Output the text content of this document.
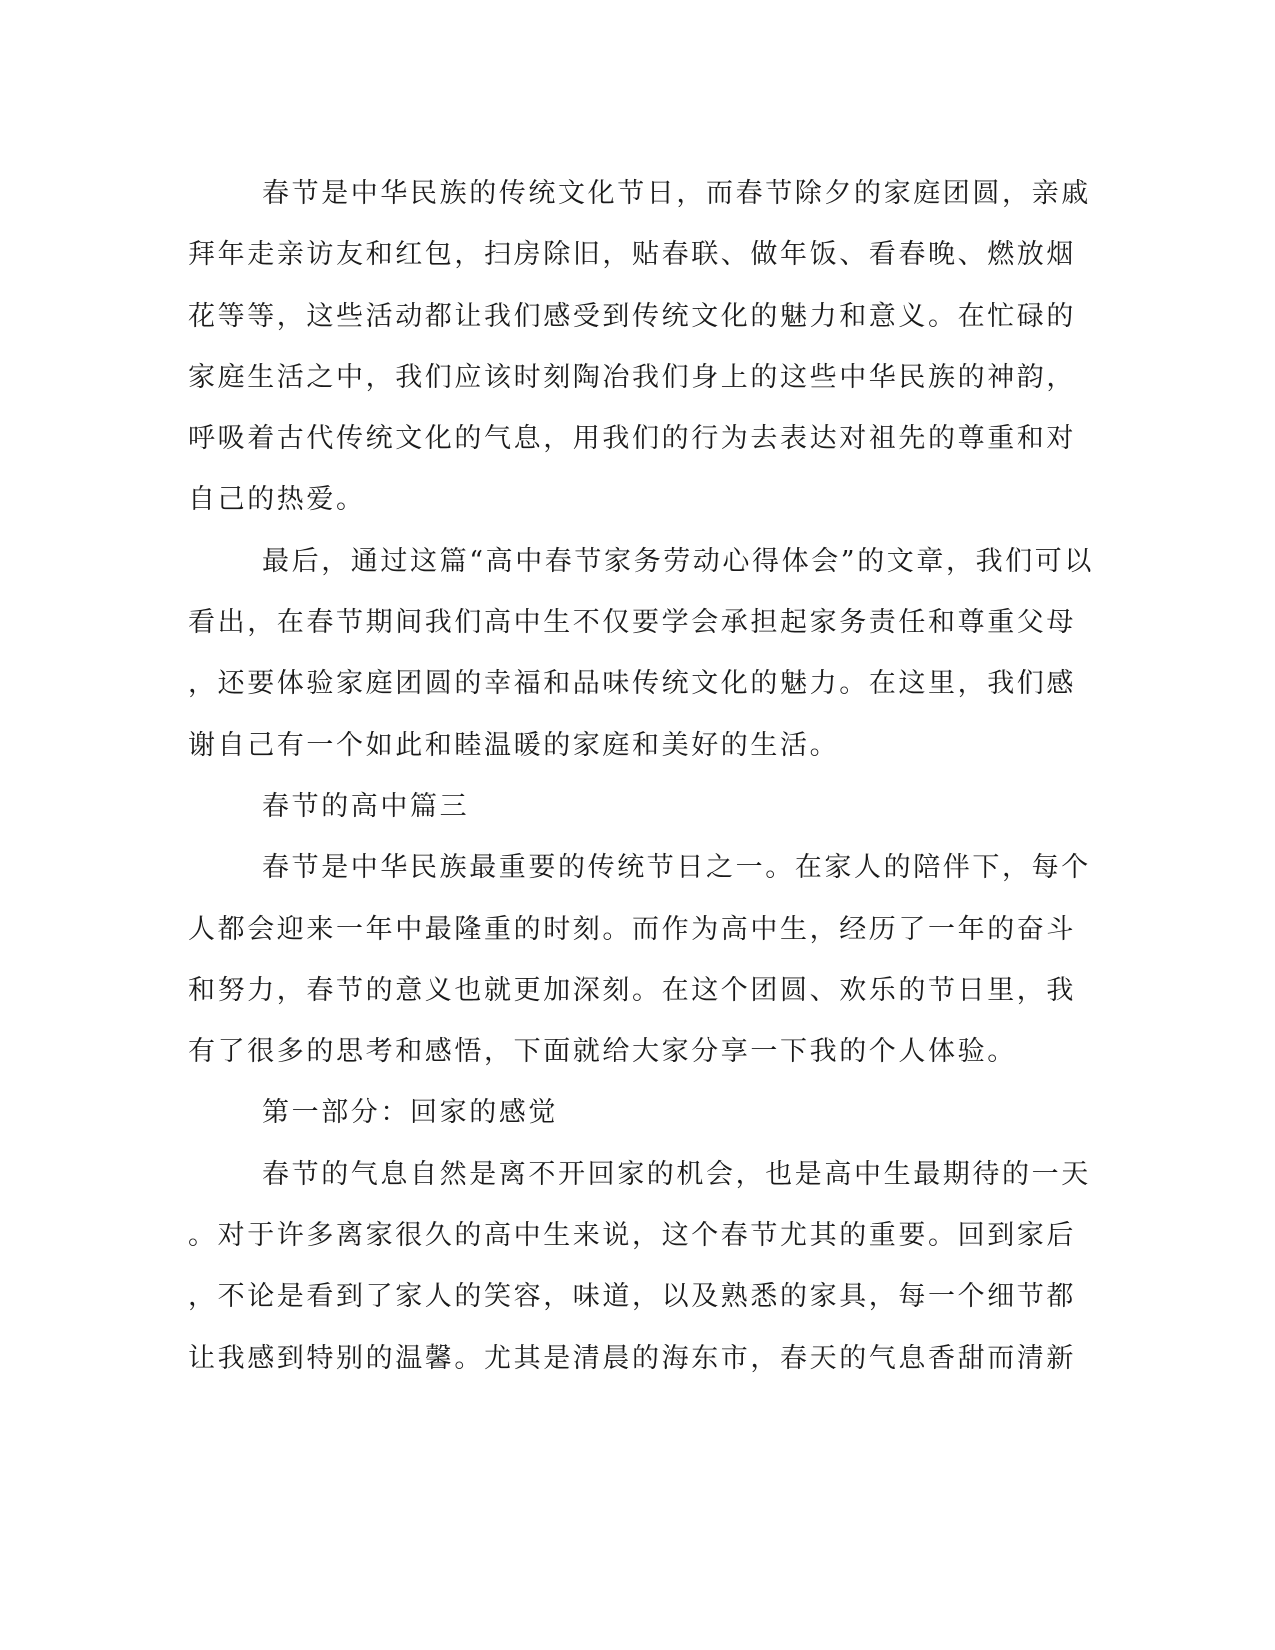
春节是中华民族的传统文化节日，而春节除夕的家庭团圆，亲戚
拜年走亲访友和红包，扫房除旧，贴春联、做年饭、看春晚、燃放烟
花等等，这些活动都让我们感受到传统文化的魅力和意义。在忙碌的
家庭生活之中，我们应该时刻陶冶我们身上的这些中华民族的神韵，
呼吸着古代传统文化的气息，用我们的行为去表达对祖先的尊重和对
自己的热爱。
最后，通过这篇“高中春节家务劳动心得体会”的文章，我们可以
看出，在春节期间我们高中生不仅要学会承担起家务责任和尊重父母
，还要体验家庭团圆的幸福和品味传统文化的魅力。在这里，我们感
谢自己有一个如此和睦温暖的家庭和美好的生活。
春节的高中篇三
春节是中华民族最重要的传统节日之一。在家人的陪伴下，每个
人都会迎来一年中最隆重的时刻。而作为高中生，经历了一年的奋斗
和努力，春节的意义也就更加深刻。在这个团圆、欢乐的节日里，我
有了很多的思考和感悟，下面就给大家分享一下我的个人体验。
第一部分：回家的感觉
春节的气息自然是离不开回家的机会，也是高中生最期待的一天
。对于许多离家很久的高中生来说，这个春节尤其的重要。回到家后
，不论是看到了家人的笑容，味道，以及熟悉的家具，每一个细节都
让我感到特别的温馨。尤其是清晨的海东市，春天的气息香甜而清新
